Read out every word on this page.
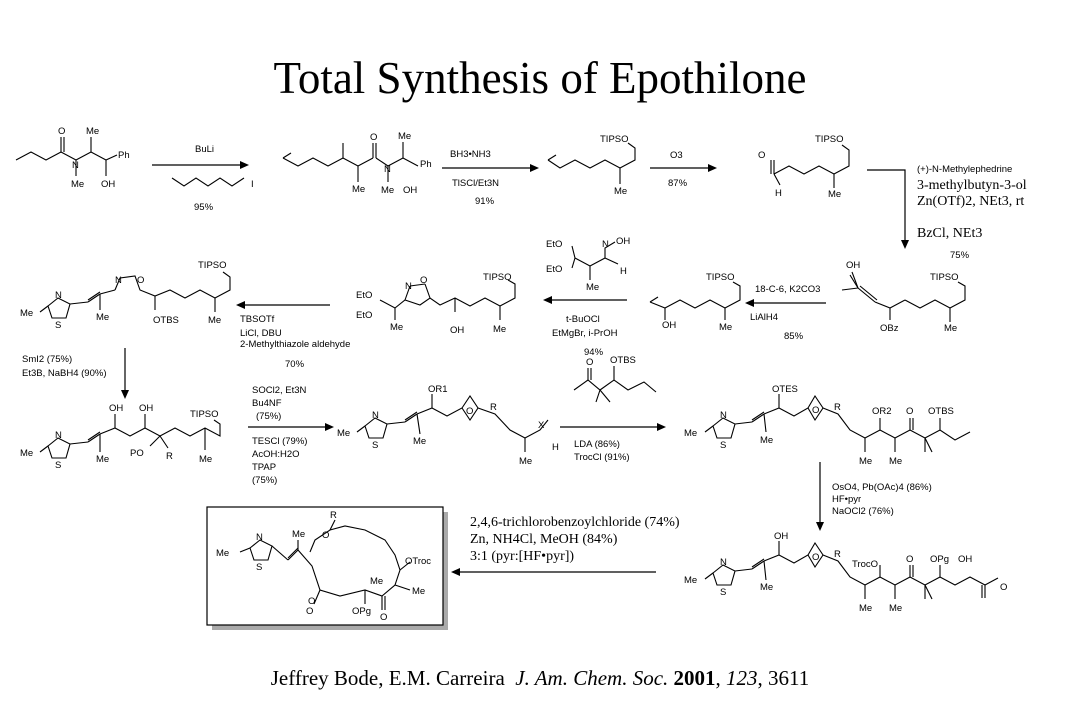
Total Synthesis of Epothilone
O
N
Me
Me
Ph
OH
BuLi
I
95%
O
Me
N
Me
Me
Ph
OH
BH3•NH3
TlSCl/Et3N
91%
TIPSO
Me
O3
87%
O
H
TIPSO
Me
(+)-N-Methylephedrine
3-methylbutyn-3-ol
Zn(OTf)2, NEt3, rt
BzCl, NEt3
75%
OH
OBz
TIPSO
Me
18-C-6, K2CO3
LiAlH4
85%
OH
TIPSO
Me
EtO
EtO
Me
N OH
H
t-BuOCl
EtMgBr, i-PrOH
94%
EtO
EtO
N
O
Me	OH
TIPSO
Me
TBSOTf
LiCl, DBU
2-Methylthiazole aldehyde
70%
Me
N
S
Me
N O
OTBS
TIPSO
Me
SmI2 (75%)
Et3B, NaBH4 (90%)
Me
N
S
Me
OH OH
PO R
TIPSO
Me
SOCl2, Et3N
Bu4NF
(75%)
TESCl (79%)
AcOH:H2O
TPAP
(75%)
Me
N
S	Me
OR1
O R
X
H
Me
O OTBS
LDA (86%)
TrocCl (91%)
Me
N
S	Me
OTES
O R	OR2 O OTBS
Me Me
OsO4, Pb(OAc)4 (86%)
HF•pyr
NaOCl2 (76%)
Me
N
S	Me
OH
O R
TrocO	O OPg OH
O
Me Me
2,4,6-trichlorobenzoylchloride (74%)
Zn, NH4Cl, MeOH (84%)
3:1 (pyr:[HF•pyr])
Me
N
S
Me
R
O
O
O	OPg
O
Me
OTroc
Me
Jeffrey Bode, E.M. Carreira J. Am. Chem. Soc. 2001, 123, 3611
